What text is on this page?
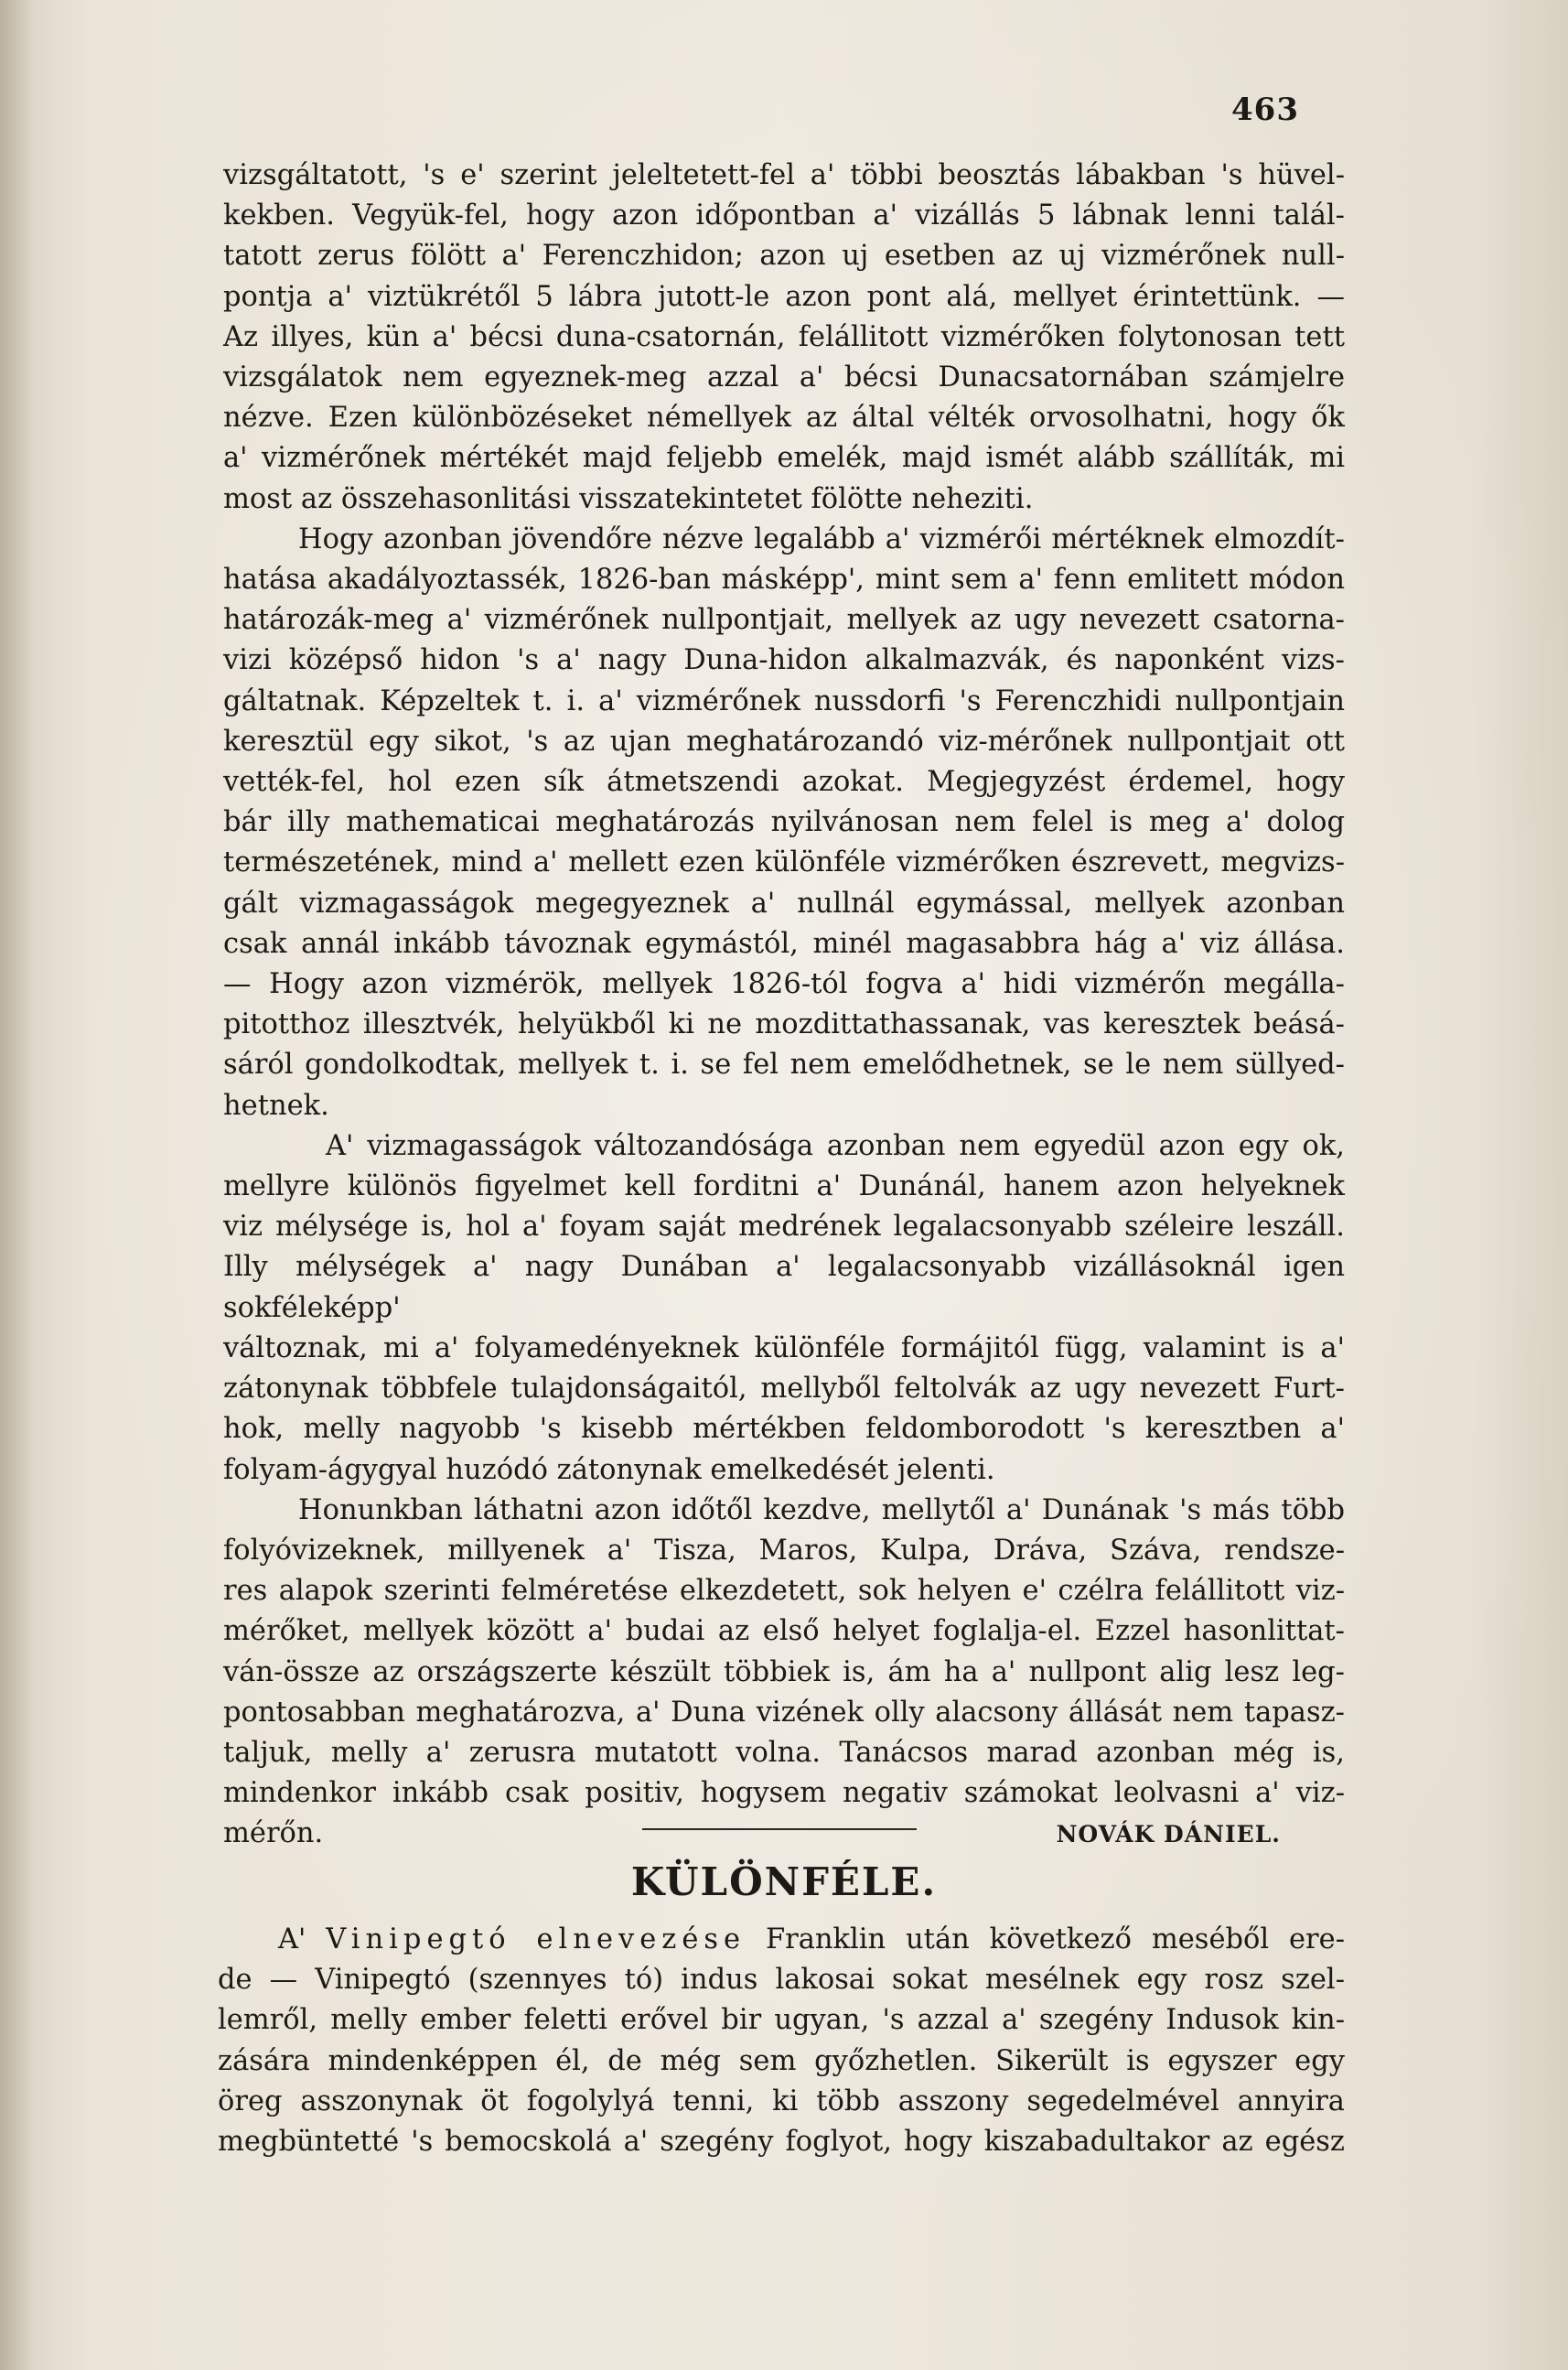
463
vizsgáltatott, 's e' szerint jeleltetett-fel a' többi beosztás lábakban 's hüvel-
kekben. Vegyük-fel, hogy azon időpontban a' vizállás 5 lábnak lenni talál-
tatott zerus fölött a' Ferenczhidon; azon uj esetben az uj vizmérőnek null-
pontja a' viztükrétől 5 lábra jutott-le azon pont alá, mellyet érintettünk. —
Az illyes, kün a' bécsi duna-csatornán, felállitott vizmérőken folytonosan tett
vizsgálatok nem egyeznek-meg azzal a' bécsi Dunacsatornában számjelre
nézve. Ezen különbözéseket némellyek az által vélték orvosolhatni, hogy ők
a' vizmérőnek mértékét majd feljebb emelék, majd ismét alább szállíták, mi
most az összehasonlitási visszatekintetet fölötte neheziti.
Hogy azonban jövendőre nézve legalább a' vizmérői mértéknek elmozdít-
hatása akadályoztassék, 1826-ban másképp', mint sem a' fenn emlitett módon
határozák-meg a' vizmérőnek nullpontjait, mellyek az ugy nevezett csatorna-
vizi középső hidon 's a' nagy Duna-hidon alkalmazvák, és naponként vizs-
gáltatnak. Képzeltek t. i. a' vizmérőnek nussdorfi 's Ferenczhidi nullpontjain
keresztül egy sikot, 's az ujan meghatározandó viz-mérőnek nullpontjait ott
vették-fel, hol ezen sík átmetszendi azokat. Megjegyzést érdemel, hogy
bár illy mathematicai meghatározás nyilvánosan nem felel is meg a' dolog
természetének, mind a' mellett ezen különféle vizmérőken észrevett, megvizs-
gált vizmagasságok megegyeznek a' nullnál egymással, mellyek azonban
csak annál inkább távoznak egymástól, minél magasabbra hág a' viz állása.
— Hogy azon vizmérök, mellyek 1826-tól fogva a' hidi vizmérőn megálla-
pitotthoz illesztvék, helyükből ki ne mozdittathassanak, vas keresztek beásá-
sáról gondolkodtak, mellyek t. i. se fel nem emelődhetnek, se le nem süllyed-
hetnek.
A' vizmagasságok változandósága azonban nem egyedül azon egy ok,
mellyre különös figyelmet kell forditni a' Dunánál, hanem azon helyeknek
viz mélysége is, hol a' foyam saját medrének legalacsonyabb széleire leszáll.
Illy mélységek a' nagy Dunában a' legalacsonyabb vizállásoknál igen sokféleképp'
változnak, mi a' folyamedényeknek különféle formájitól függ, valamint is a'
zátonynak többfele tulajdonságaitól, mellyből feltolvák az ugy nevezett Furt-
hok, melly nagyobb 's kisebb mértékben feldomborodott 's keresztben a'
folyam-ágygyal huzódó zátonynak emelkedését jelenti.
Honunkban láthatni azon időtől kezdve, mellytől a' Dunának 's más több
folyóvizeknek, millyenek a' Tisza, Maros, Kulpa, Dráva, Száva, rendsze-
res alapok szerinti felméretése elkezdetett, sok helyen e' czélra felállitott viz-
mérőket, mellyek között a' budai az első helyet foglalja-el. Ezzel hasonlittat-
ván-össze az országszerte készült többiek is, ám ha a' nullpont alig lesz leg-
pontosabban meghatározva, a' Duna vizének olly alacsony állását nem tapasz-
taljuk, melly a' zerusra mutatott volna. Tanácsos marad azonban még is,
mindenkor inkább csak positiv, hogysem negativ számokat leolvasni a' viz-
mérőn.	NOVÁK DÁNIEL.
KÜLÖNFÉLE.
A' Vinipegtó elnevezése Franklin után következő meséből ere-
de — Vinipegtó (szennyes tó) indus lakosai sokat mesélnek egy rosz szel-
lemről, melly ember feletti erővel bir ugyan, 's azzal a' szegény Indusok kin-
zására mindenképpen él, de még sem győzhetlen. Sikerült is egyszer egy
öreg asszonynak öt fogolylyá tenni, ki több asszony segedelmével annyira
megbüntetté 's bemocskolá a' szegény foglyot, hogy kiszabadultakor az egész
